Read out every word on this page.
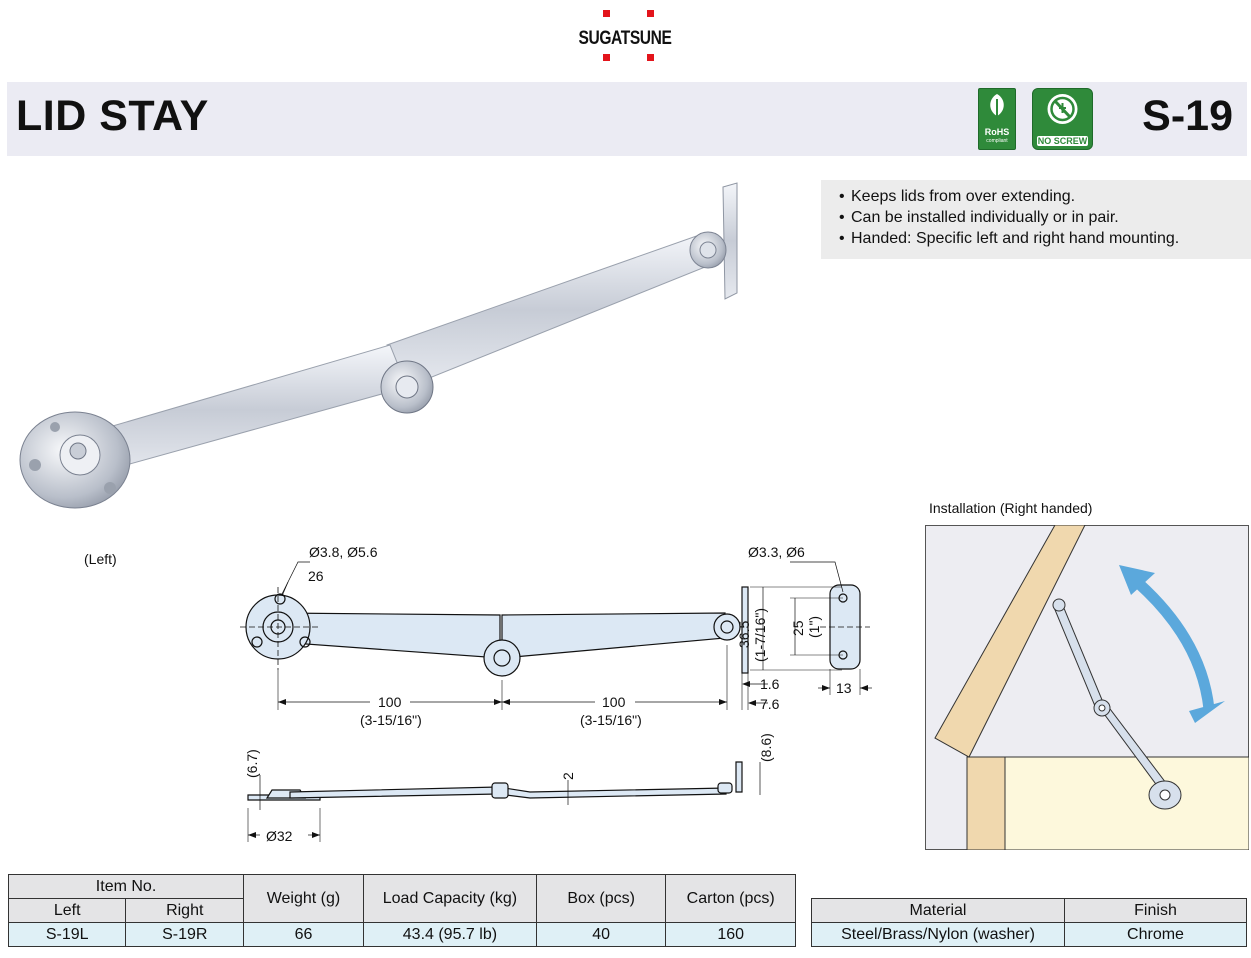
SUGATSUNE
LID STAY	RoHS
compliant	NO SCREW
S-19
• Keeps lids from over extending.
• Can be installed individually or in pair.
• Handed: Specific left and right hand mounting.
(Left)	Ø3.8, Ø5.6
26
Ø3.3, Ø6
100
(3-15/16")
100
(3-15/16")
1.6
7.6
13
36.5 (1-7/16") 25 (1")
(6.7)
(8.6)
2
Ø32
Installation (Right handed)
Item No.		Weight (g)	Load Capacity (kg)	Box (pcs)	Carton (pcs)
Left	Right				
S-19L	S-19R	66	43.4 (95.7 lb)	40	160
Material	Finish
Steel/Brass/Nylon (washer)	Chrome
